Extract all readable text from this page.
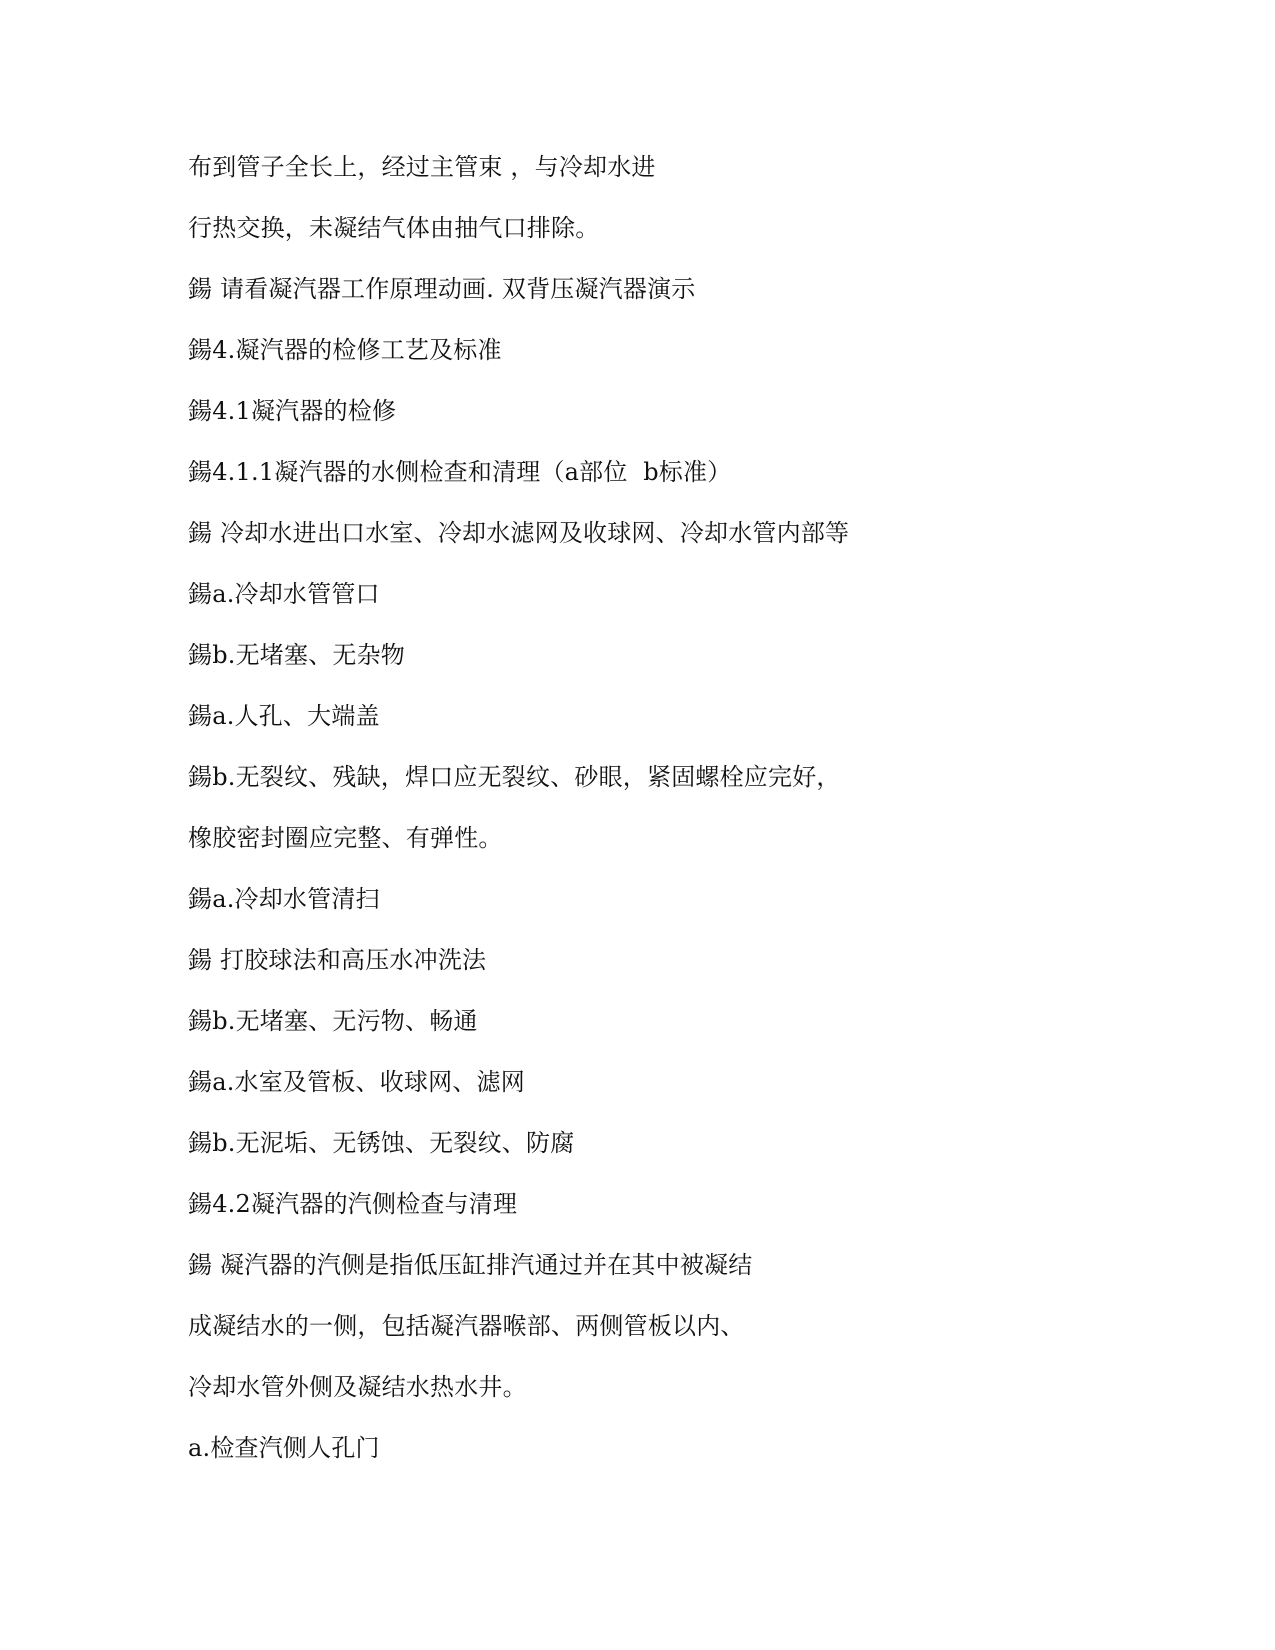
布到管子全长上，经过主管束 ，与冷却水进
行热交换，未凝结气体由抽气口排除。
鍚 请看凝汽器工作原理动画. 双背压凝汽器演示
鍚4.凝汽器的检修工艺及标准
鍚4.1凝汽器的检修
鍚4.1.1凝汽器的水侧检查和清理（a部位  b标准）
鍚 冷却水进出口水室、冷却水滤网及收球网、冷却水管内部等
鍚a.冷却水管管口
鍚b.无堵塞、无杂物
鍚a.人孔、大端盖
鍚b.无裂纹、残缺，焊口应无裂纹、砂眼，紧固螺栓应完好，
橡胶密封圈应完整、有弹性。
鍚a.冷却水管清扫
鍚 打胶球法和高压水冲洗法
鍚b.无堵塞、无污物、畅通
鍚a.水室及管板、收球网、滤网
鍚b.无泥垢、无锈蚀、无裂纹、防腐
鍚4.2凝汽器的汽侧检查与清理
鍚 凝汽器的汽侧是指低压缸排汽通过并在其中被凝结
成凝结水的一侧，包括凝汽器喉部、两侧管板以内、
冷却水管外侧及凝结水热水井。
a.检查汽侧人孔门
